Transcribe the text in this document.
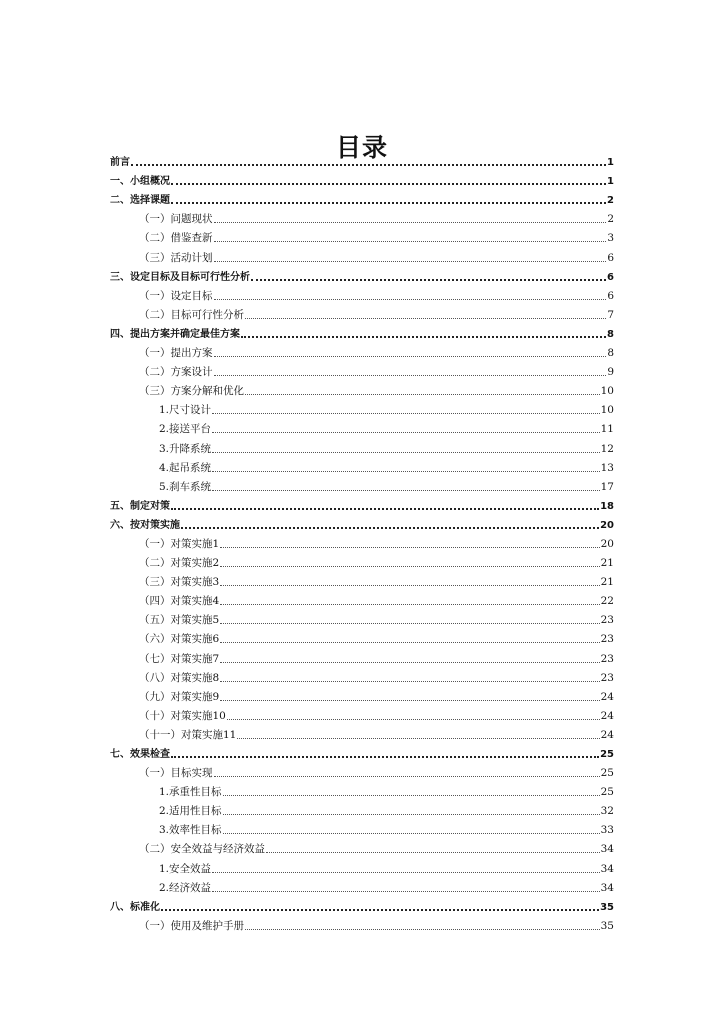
目录
前言	1
一、小组概况	1
二、选择课题	2
（一）问题现状	2
（二）借鉴查新	3
（三）活动计划	6
三、设定目标及目标可行性分析	6
（一）设定目标	6
（二）目标可行性分析	7
四、提出方案并确定最佳方案	8
（一）提出方案	8
（二）方案设计	9
（三）方案分解和优化	10
1.尺寸设计	10
2.接送平台	11
3.升降系统	12
4.起吊系统	13
5.刹车系统	17
五、制定对策	18
六、按对策实施	20
（一）对策实施1	20
（二）对策实施2	21
（三）对策实施3	21
（四）对策实施4	22
（五）对策实施5	23
（六）对策实施6	23
（七）对策实施7	23
（八）对策实施8	23
（九）对策实施9	24
（十）对策实施10	24
（十一）对策实施11	24
七、效果检查	25
（一）目标实现	25
1.承重性目标	25
2.适用性目标	32
3.效率性目标	33
（二）安全效益与经济效益	34
1.安全效益	34
2.经济效益	34
八、标准化	35
（一）使用及维护手册	35
